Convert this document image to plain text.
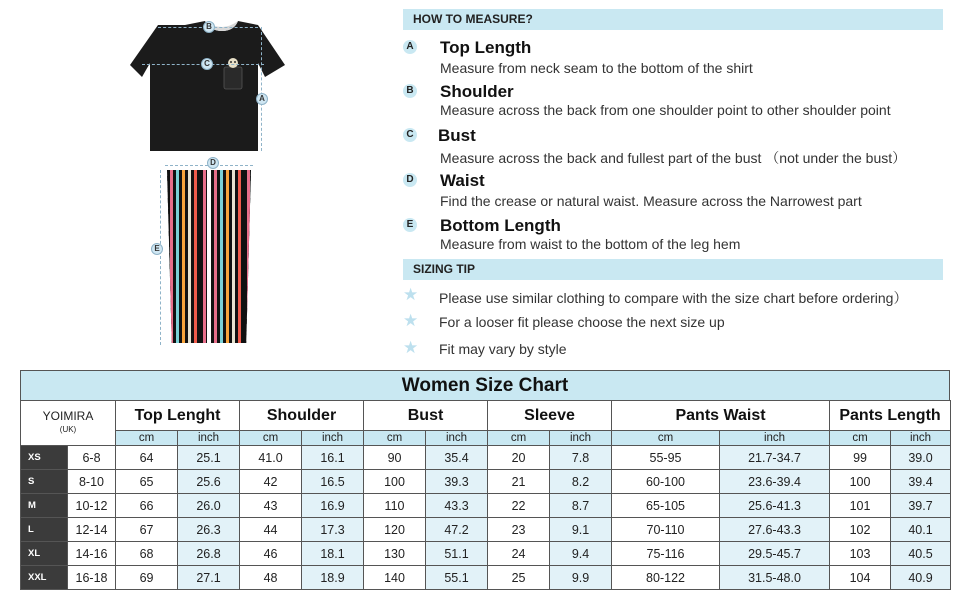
B
C
A
D
E
HOW TO MEASURE?
A Top Length
Measure from neck seam to the bottom of the shirt
B Shoulder
Measure across the back from one shoulder point to other shoulder point
C Bust
Measure across the back and fullest part of the bust （not under the bust）
D Waist
Find the crease or natural waist. Measure across the Narrowest part
E Bottom Length
Measure from waist to the bottom of the leg hem
SIZING TIP
★ Please use similar clothing to compare with the size chart before ordering）
★ For a looser fit please choose the next size up
★ Fit may vary by style
Women Size Chart
YOIMIRA
(UK)		Top Lenght		Shoulder		Bust		Sleeve		Pants Waist		Pants Length	
		cm	inch	cm	inch	cm	inch	cm	inch	cm	inch	cm	inch
XS	6-8	64	25.1	41.0	16.1	90	35.4	20	7.8	55-95	21.7-34.7	99	39.0
S	8-10	65	25.6	42	16.5	100	39.3	21	8.2	60-100	23.6-39.4	100	39.4
M	10-12	66	26.0	43	16.9	110	43.3	22	8.7	65-105	25.6-41.3	101	39.7
L	12-14	67	26.3	44	17.3	120	47.2	23	9.1	70-110	27.6-43.3	102	40.1
XL	14-16	68	26.8	46	18.1	130	51.1	24	9.4	75-116	29.5-45.7	103	40.5
XXL	16-18	69	27.1	48	18.9	140	55.1	25	9.9	80-122	31.5-48.0	104	40.9
